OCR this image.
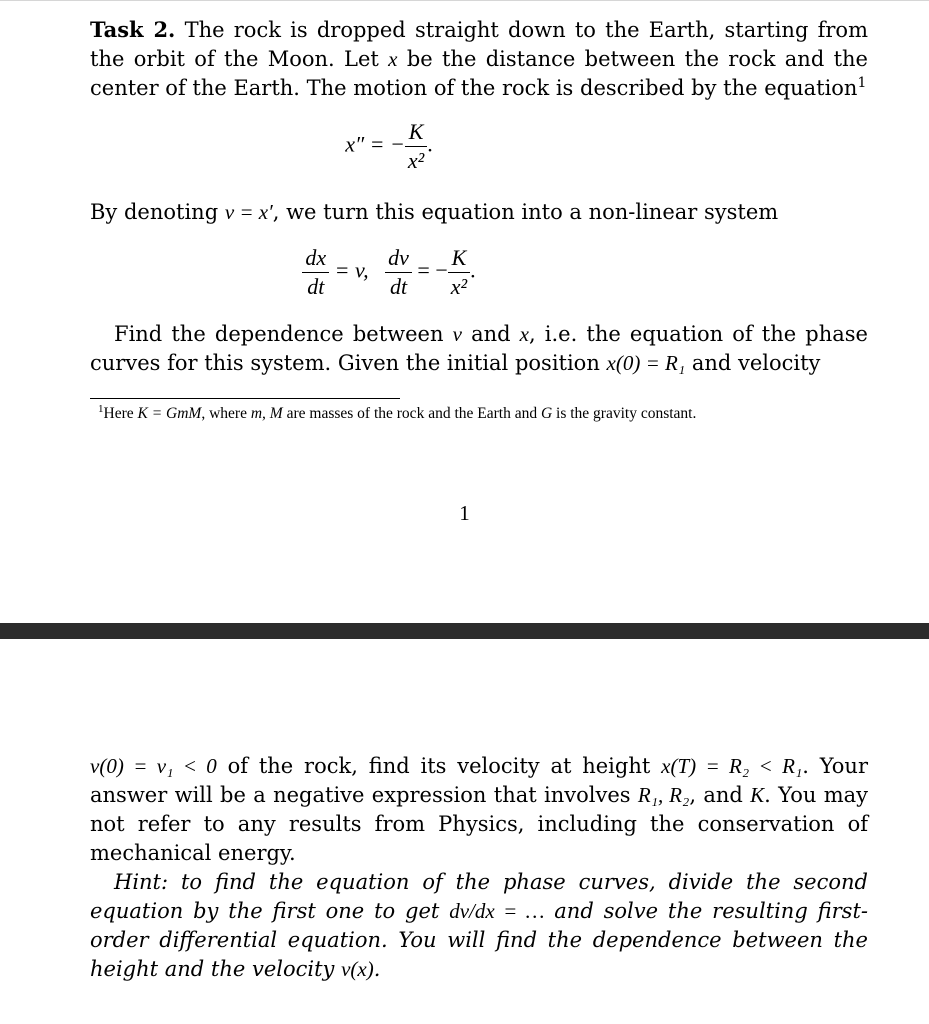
Task 2. The rock is dropped straight down to the Earth, starting from the orbit of the Moon. Let x be the distance between the rock and the center of the Earth. The motion of the rock is described by the equation$^1$

x″ = − $\frac{K}{\text{x²}}$ .

By denoting v = x′, we turn this equation into a non-linear system

$\frac{dx}{dt} = v$, $\frac{dv}{dt}$ = − $\frac{K}{\text{x²}}$ .

Find the dependence between v and x, i.e. the equation of the phase curves for this system. Given the initial position x(0) = R₁ and velocity

$^1$Here K = GmM, where m, M are masses of the rock and the Earth and G is the gravity constant.
1

v(0) = v₁ < 0 of the rock, find its velocity at height x(T) = R₂ < R₁. Your answer will be a negative expression that involves R₁, R₂, and K. You may not refer to any results from Physics, including the conservation of mechanical energy.

Hint: to find the equation of the phase curves, divide the second equation by the first one to get dv/dx = … and solve the resulting first-order differential equation. You will find the dependence between the height and the velocity v(x).
